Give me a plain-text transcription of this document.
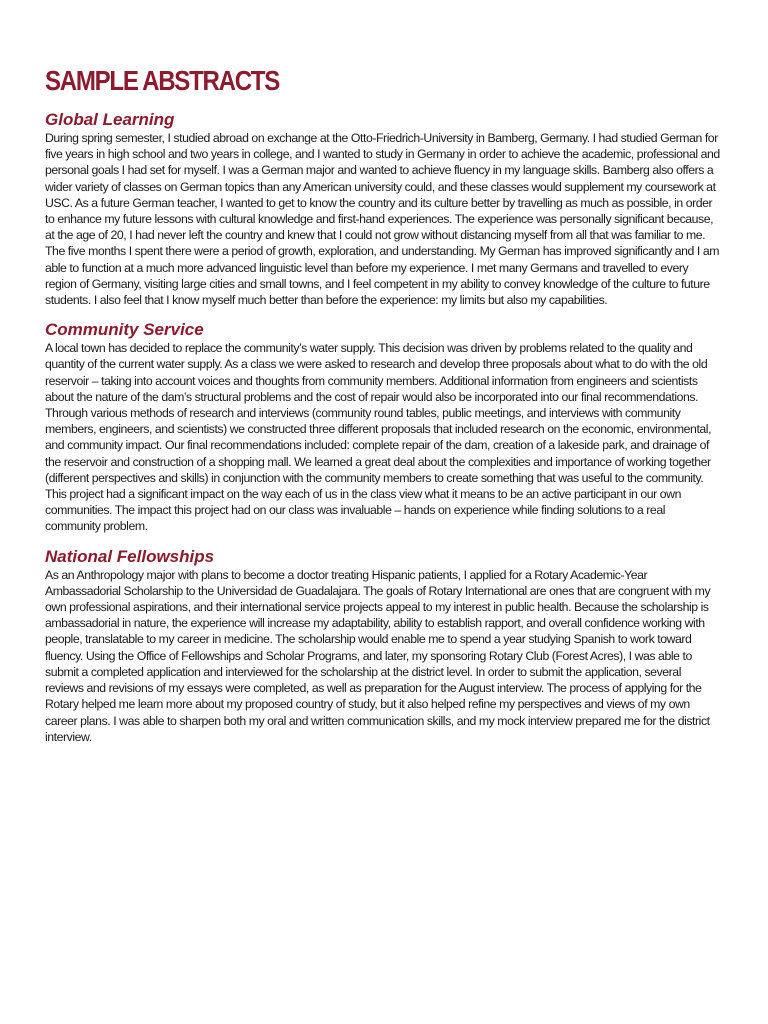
SAMPLE ABSTRACTS
Global Learning

During spring semester, I studied abroad on exchange at the Otto-Friedrich-University in Bamberg, Germany. I had studied German for five years in high school and two years in college, and I wanted to study in Germany in order to achieve the academic, professional and personal goals I had set for myself. I was a German major and wanted to achieve fluency in my language skills. Bamberg also offers a wider variety of classes on German topics than any American university could, and these classes would supplement my coursework at USC. As a future German teacher, I wanted to get to know the country and its culture better by travelling as much as possible, in order to enhance my future lessons with cultural knowledge and first-hand experiences. The experience was personally significant because, at the age of 20, I had never left the country and knew that I could not grow without distancing myself from all that was familiar to me. The five months I spent there were a period of growth, exploration, and understanding. My German has improved significantly and I am able to function at a much more advanced linguistic level than before my experience. I met many Germans and travelled to every region of Germany, visiting large cities and small towns, and I feel competent in my ability to convey knowledge of the culture to future students. I also feel that I know myself much better than before the experience: my limits but also my capabilities.

Community Service

A local town has decided to replace the community’s water supply. This decision was driven by problems related to the quality and quantity of the current water supply. As a class we were asked to research and develop three proposals about what to do with the old reservoir – taking into account voices and thoughts from community members. Additional information from engineers and scientists about the nature of the dam’s structural problems and the cost of repair would also be incorporated into our final recommendations. Through various methods of research and interviews (community round tables, public meetings, and interviews with community members, engineers, and scientists) we constructed three different proposals that included research on the economic, environmental, and community impact. Our final recommendations included: complete repair of the dam, creation of a lakeside park, and drainage of the reservoir and construction of a shopping mall. We learned a great deal about the complexities and importance of working together (different perspectives and skills) in conjunction with the community members to create something that was useful to the community. This project had a significant impact on the way each of us in the class view what it means to be an active participant in our own communities. The impact this project had on our class was invaluable – hands on experience while finding solutions to a real community problem.

National Fellowships

As an Anthropology major with plans to become a doctor treating Hispanic patients, I applied for a Rotary Academic-Year Ambassadorial Scholarship to the Universidad de Guadalajara. The goals of Rotary International are ones that are congruent with my own professional aspirations, and their international service projects appeal to my interest in public health. Because the scholarship is ambassadorial in nature, the experience will increase my adaptability, ability to establish rapport, and overall confidence working with people, translatable to my career in medicine. The scholarship would enable me to spend a year studying Spanish to work toward fluency. Using the Office of Fellowships and Scholar Programs, and later, my sponsoring Rotary Club (Forest Acres), I was able to submit a completed application and interviewed for the scholarship at the district level. In order to submit the application, several reviews and revisions of my essays were completed, as well as preparation for the August interview. The process of applying for the Rotary helped me learn more about my proposed country of study, but it also helped refine my perspectives and views of my own career plans. I was able to sharpen both my oral and written communication skills, and my mock interview prepared me for the district interview.
